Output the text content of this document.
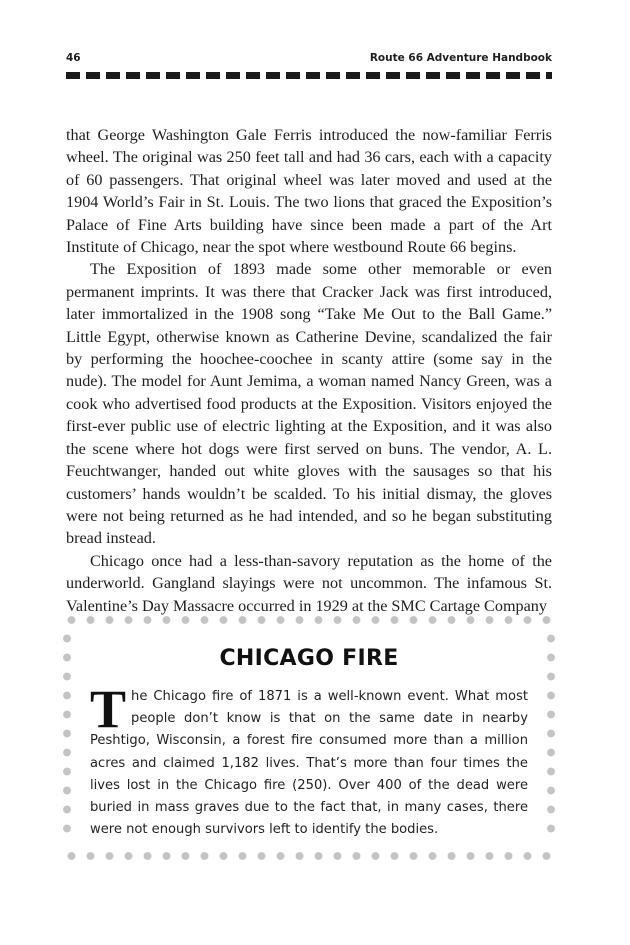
46	Route 66 Adventure Handbook

that George Washington Gale Ferris introduced the now-familiar Ferris wheel. The original was 250 feet tall and had 36 cars, each with a capacity of 60 passengers. That original wheel was later moved and used at the 1904 World’s Fair in St. Louis. The two lions that graced the Exposition’s Palace of Fine Arts building have since been made a part of the Art Institute of Chicago, near the spot where westbound Route 66 begins.

The Exposition of 1893 made some other memorable or even permanent imprints. It was there that Cracker Jack was first introduced, later immortalized in the 1908 song “Take Me Out to the Ball Game.” Little Egypt, otherwise known as Catherine Devine, scandalized the fair by performing the hoochee-coochee in scanty attire (some say in the nude). The model for Aunt Jemima, a woman named Nancy Green, was a cook who advertised food products at the Exposition. Visitors enjoyed the first-ever public use of electric lighting at the Exposition, and it was also the scene where hot dogs were first served on buns. The vendor, A. L. Feuchtwanger, handed out white gloves with the sausages so that his customers’ hands wouldn’t be scalded. To his initial dismay, the gloves were not being returned as he had intended, and so he began substituting bread instead.

Chicago once had a less-than-savory reputation as the home of the underworld. Gangland slayings were not uncommon. The infamous St. Valentine’s Day Massacre occurred in 1929 at the SMC Cartage Company

CHICAGO FIRE
The Chicago fire of 1871 is a well-known event. What most people don’t know is that on the same date in nearby Peshtigo, Wisconsin, a forest fire consumed more than a million acres and claimed 1,182 lives. That’s more than four times the lives lost in the Chicago fire (250). Over 400 of the dead were buried in mass graves due to the fact that, in many cases, there were not enough survivors left to identify the bodies.
